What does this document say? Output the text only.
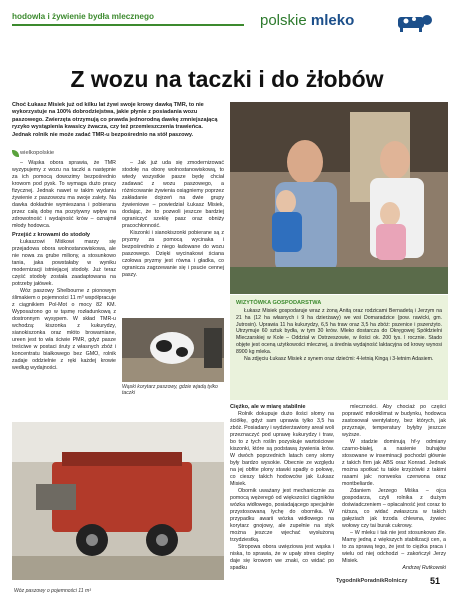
hodowla i żywienie bydła mlecznego	polskie mleko
Z wozu na taczki i do żłobów
Choć Łukasz Misiek już od kilku lat żywi swoje krowy dawką TMR, to nie wykorzystuje na 100% dobrodziejstwa, jakie płynie z posiadania wozu paszowego. Zwierzęta otrzymują co prawda jednorodną dawkę zmniejszającą ryzyko wystąpienia kwasicy żwacza, czy też przemieszczenia trawieńca. Jednak rolnik nie może zadać TMR-u bezpośrednio na stół paszowy.
wielkopolskie

– Wąska obora sprawia, że TMR wyzypujemy z wozu na taczki a następnie za ich pomocą dowozimy bezpośrednio krowom pod pysk. To wymaga dużo pracy fizycznej. Jednak nawet w takim wydaniu żywienie z paszowozu ma swoje zalety. Na dawka dokładnie wymieszana i pobierana przez całą dobę ma pozytywny wpływ na zdrowotność i wydajność krów – oznajmił młody hodowca.

Przejść z krowami do stodoły

Łukaszowi Miśkowi marzy się przejadowa obora wolnostanowiskowa, ale nie nowa za grube miliony, a stosunkowo tania, jaka powstałaby w wyniku modernizacji istniejącej stodoły. Już teraz część stodoły została zaadaptowana na potrzeby jałówek.

Wóz paszowy Shelbourne z pionowym ślimakiem o pojemności 11 m³ współpracuje z ciągnikiem Pol-Mot o mocy 82 KM. Wyposażono go w tąsmę rozładunkową z dostronnym wysypem. W skład TMR-u wchodzą: kiszonka z kukurydzy, sianokiszonka oraz młóto browarniane, ureen jest to wła ściwie PMR, gdyż pasze treściwe w postaci śruty z własnych zbóż i koncentratu białkowego bez GMO, rolnik zadaje oddzielnie z ręki każdej krowie według wydajności.

– Jak już uda się zmodernizować stodołę na oborę wolnostanowiskową, to wtedy wszystkie pasze będę chciał zadawać z wozu paszowego, a różnicowanie żywienia osiągniemy poprzez zakładanie dojrzeń na dwie grupy żywieniowe – powiedział Łukasz Misiek, dodając, że to pozwoli jeszcze bardziej ograniczyć szeklę pasz oraz obniży pracochłonność.

Kiszonki i sianokiszonki pobierane są z pryzmy za pomocą wycinaka i bezpośrednio z niego ładowane do wozu paszowego. Dzięki wycinakowi ściana czołowa pryzmy jest równa i gładka, co ogranicza zagrzewanie się i psucie cennej paszy.

Wąski korytarz paszowy, gdzie wjadą tylko taczki
Wóz paszowy o pojemności 11 m³
WIZYTÓWKA GOSPODARSTWA

Łukasz Misiek gospodaruje wraz z żoną Anitą oraz rodzicami Bernadetą i Jerzym na 21 ha (12 ha własnych i 9 ha dzierżawy) we wsi Domaradzice (pow. rawicki, gm. Jutrosin). Uprawia 11 ha kukurydzy, 6,5 ha traw oraz 3,5 ha zbóż: pszenice i pszenżyto. Utrzymuje 60 sztuk bydła, w tym 30 krów. Mleko dostarcza do Okręgowej Spółdzielni Mleczarskiej w Kole – Oddział w Ostrzeszowie, w ilości ok. 200 tys. l rocznie. Stado objęte jest oceną użytkowości mlecznej, a średnia wydajność laktacyjna od krowy wynosi 8900 kg mleka.

Na zdjęciu Łukasz Misiek z synem oraz dziećmi: 4-letnią Kingą i 3-letnim Adasiem.

Ciężko, ale w miarę stabilnie

Rolnik dokupuje dużo ilości słomy na ściółkę, gdyż sam uprawia tylko 3,5 ha zbóż. Posiadany i wydzierżawiony areał woli przeznaczyć pod uprawę kukurydzy i traw, bo to z tych roślin pozyskuje wartościowe kiszonki, które są podstawą żywienia krów. W dwóch poprzednich latach ceny słomy były bardzo wysokie. Obecnie ze względu na jej obfite plony stawki spadły o połowę, co cieszy takich hodowców jak Łukasz Misiek.

Obornik uważany jest mechanicznie za pomocą wężeregó od większości ciągników wózka widłowego, posiadającego specjalnie przystosowaną łychę do obornika. W przypadku awarii wózka widłowego na korytarz gnojowy, ale zupełnie na styk można jeszcze wjechać wysłużoną trzydziestką.

Stropowa obora uwięziowa jest wąska i niska, to sprawia, że w upały stres cieplny daje się krowom we znaki, co widać po spadku

mleczności. Aby chociaż po części poprawić mikroklimat w budynku, hodowca zastosował wentylatory, bez których, jak przyznaje, temperatury byłyby jeszcze wyższe.

W stadzie dominują hf-y odmiany czarno-białej, a nasienie buhajów stosowane w inseminacji pochodzi głównie z takich firm jak ABS oraz Konrad. Jednak można spotkać tu takie krzyżówki z takimi rasami jak: norweska czerwona oraz montbeliarde.

Zdaniem Jerzego Miśka – ojca gospodarza, czyli rolnika z dużym doświadczeniem – opłacalność jest coraz to niższa, co widać zwłaszcza w takich gałęziach jak trzoda chlewna, żywiec wołowy czy tai burak cukrowy.

– W mleku i tak nie jest stosunkowo źle. Mamy jedną z większych stabilizacji cen, a to za sprawą tego, że jest to ciężka praca i wielu od niej odchodzi – zakończył Jerzy Misiek.

Andrzej Rutkowski

TygodnikPoradnikRolniczy	51
